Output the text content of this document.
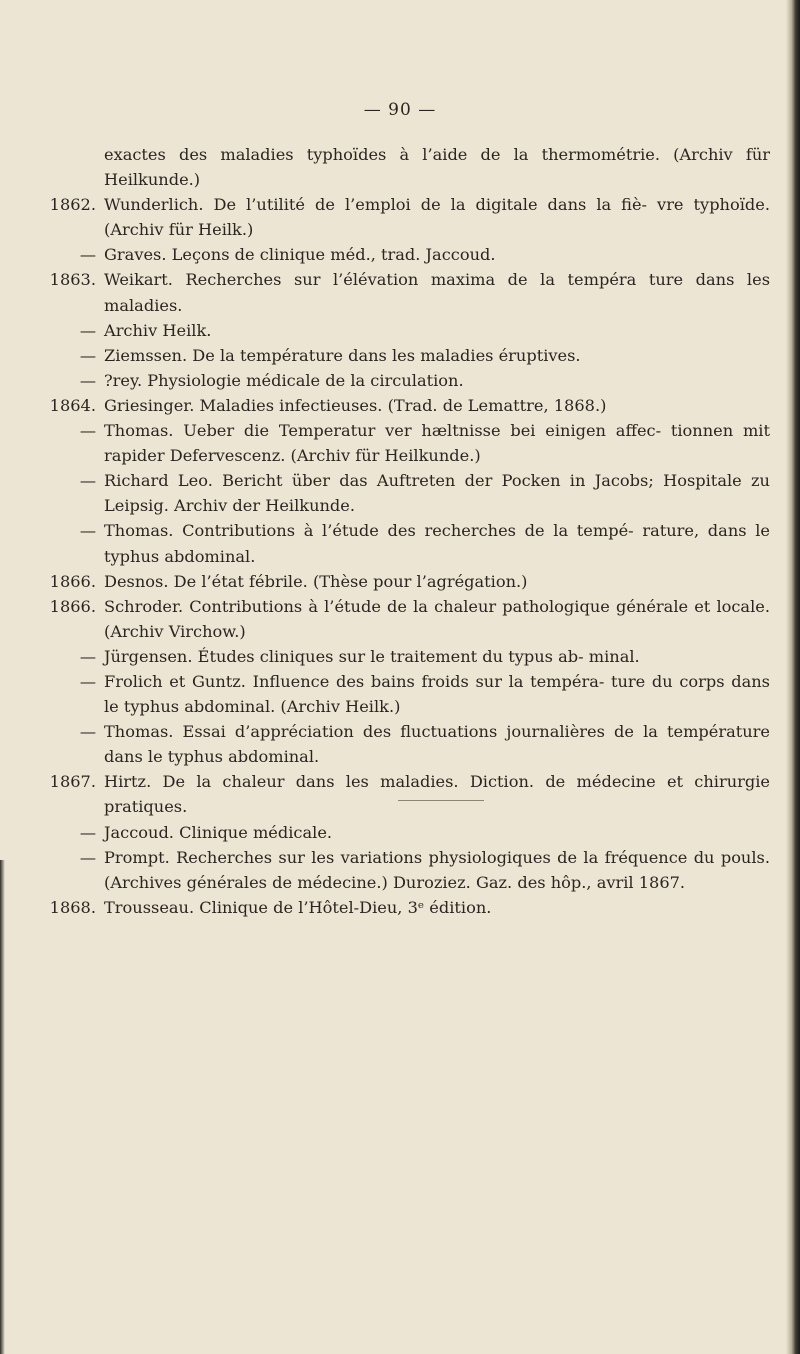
— 90 —
exactes des maladies typhoïdes à l’aide de la thermométrie. (Archiv für Heilkunde.)
1862. Wunderlich. De l’utilité de l’emploi de la digitale dans la fiè- vre typhoïde. (Archiv für Heilk.)
— Graves. Leçons de clinique méd., trad. Jaccoud.
1863. Weikart. Recherches sur l’élévation maxima de la tempéra ture dans les maladies.
— Archiv Heilk.
— Ziemssen. De la température dans les maladies éruptives.
— ?rey. Physiologie médicale de la circulation.
1864. Griesinger. Maladies infectieuses. (Trad. de Lemattre, 1868.)
— Thomas. Ueber die Temperatur ver hæltnisse bei einigen affec- tionnen mit rapider Defervescenz. (Archiv für Heilkunde.)
— Richard Leo. Bericht über das Auftreten der Pocken in Jacobs; Hospitale zu Leipsig. Archiv der Heilkunde.
— Thomas. Contributions à l’étude des recherches de la tempé- rature, dans le typhus abdominal.
1866. Desnos. De l’état fébrile. (Thèse pour l’agrégation.)
1866. Schroder. Contributions à l’étude de la chaleur pathologique générale et locale. (Archiv Virchow.)
— Jürgensen. Études cliniques sur le traitement du typus ab- minal.
— Frolich et Guntz. Influence des bains froids sur la tempéra- ture du corps dans le typhus abdominal. (Archiv Heilk.)
— Thomas. Essai d’appréciation des fluctuations journalières de la température dans le typhus abdominal.
1867. Hirtz. De la chaleur dans les maladies. Diction. de médecine et chirurgie pratiques.
— Jaccoud. Clinique médicale.
— Prompt. Recherches sur les variations physiologiques de la fréquence du pouls. (Archives générales de médecine.) Duroziez. Gaz. des hôp., avril 1867.
1868. Trousseau. Clinique de l’Hôtel-Dieu, 3ᵉ édition.
